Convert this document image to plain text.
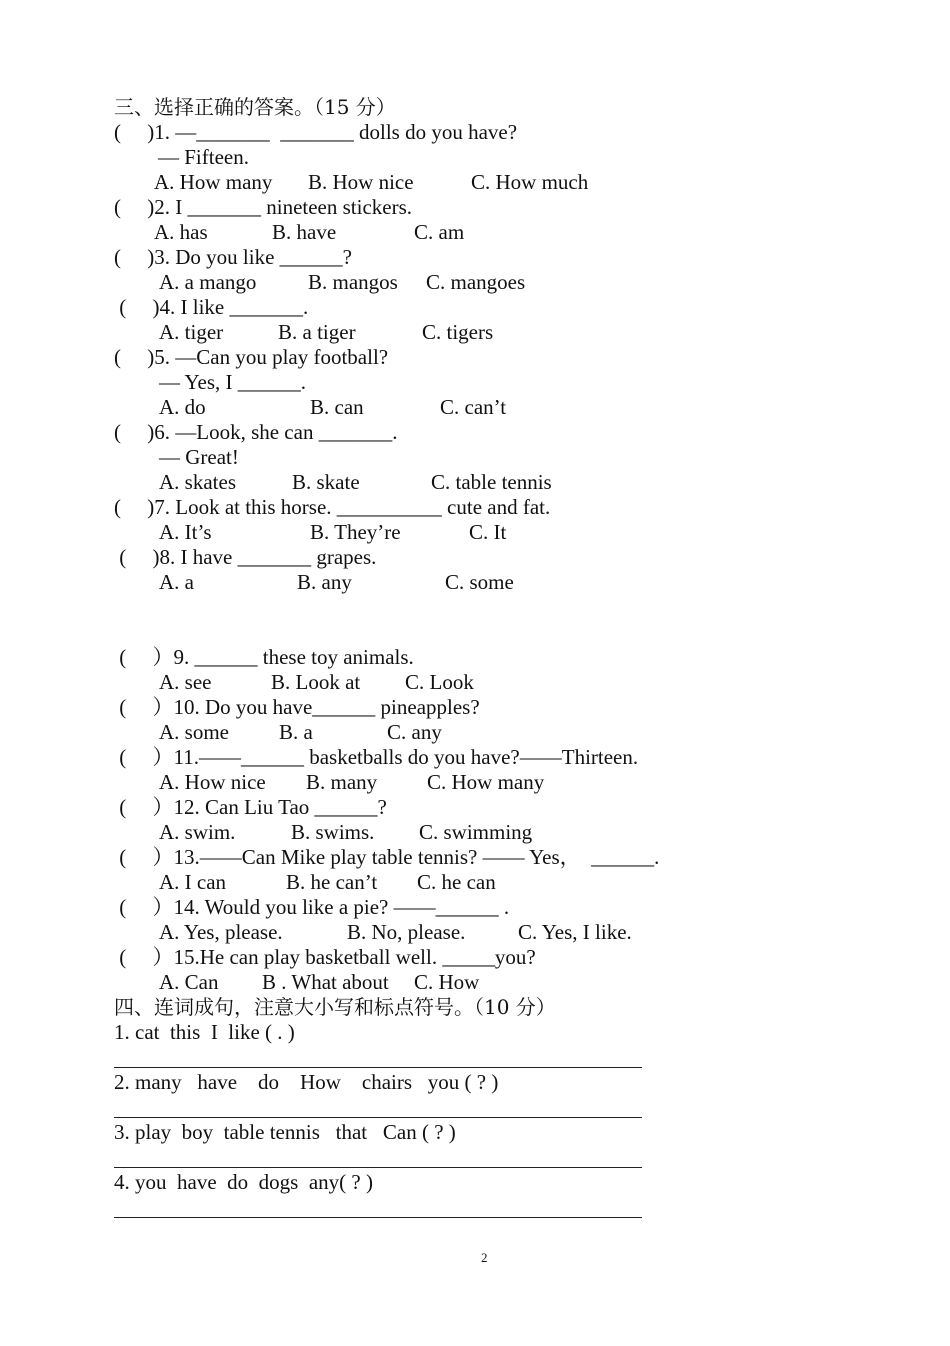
三、选择正确的答案。（15 分）
(     )1. —_______  _______ dolls do you have?
— Fifteen.
A. How many B. How nice	C. How much
(     )2. I _______ nineteen stickers.
A. has	B. have	C. am
(     )3. Do you like ______?
A. a mango B. mangos C. mangoes
(     )4. I like _______.
A. tiger	B. a tiger	C. tigers
(     )5. —Can you play football?
— Yes, I ______.
A. do	B. can	C. can’t
(     )6. —Look, she can _______.
— Great!
A. skates	B. skate	C. table tennis
(     )7. Look at this horse. __________ cute and fat.
A. It’s	B. They’re	C. It
(     )8. I have _______ grapes.
A. a	B. any	C. some
(     ）9. ______ these toy animals.
A. see	B. Look at C. Look
(     ）10. Do you have______ pineapples?
A. some B. a	C. any
(     ）11.——______ basketballs do you have?——Thirteen.
A. How nice B. many C. How many
(     ）12. Can Liu Tao ______?
A. swim.	B. swims. C. swimming
(     ）13.——Can Mike play table tennis? —— Yes，  ______.
A. I can	B. he can’t C. he can
(     ）14. Would you like a pie? ——______ .
A. Yes, please.	B. No, please.	C. Yes, I like.
(     ）15.He can play basketball well. _____you?
A. Can B . What about C. How
四、连词成句，注意大小写和标点符号。（10 分）
1. cat  this  I  like ( . )
2. many   have    do    How    chairs   you ( ? )
3. play  boy  table tennis   that   Can ( ? )
4. you  have  do  dogs  any( ? )
2
